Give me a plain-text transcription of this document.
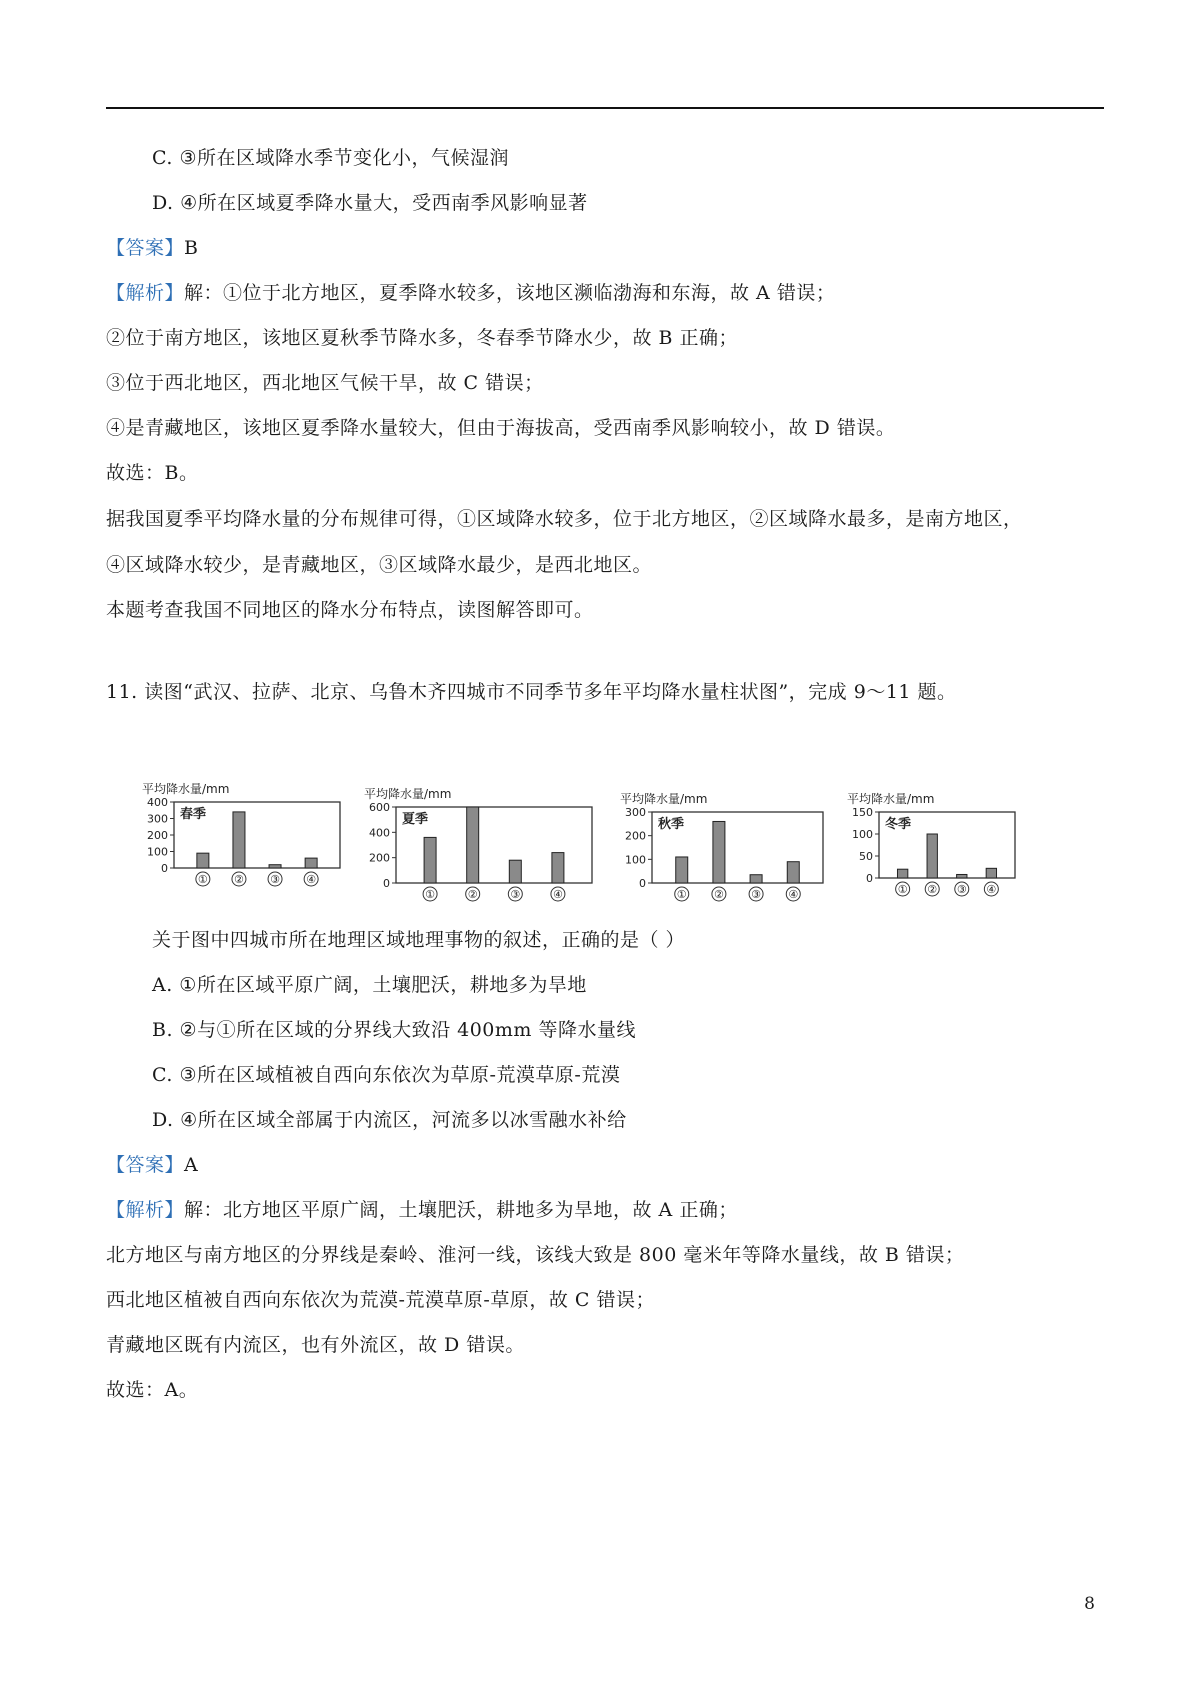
C. ③所在区域降水季节变化小，气候湿润
D. ④所在区域夏季降水量大，受西南季风影响显著
【答案】B
【解析】解：①位于北方地区，夏季降水较多，该地区濒临渤海和东海，故 A 错误；
②位于南方地区，该地区夏秋季节降水多，冬春季节降水少，故 B 正确；
③位于西北地区，西北地区气候干旱，故 C 错误；
④是青藏地区，该地区夏季降水量较大，但由于海拔高，受西南季风影响较小，故 D 错误。
故选：B。
据我国夏季平均降水量的分布规律可得，①区域降水较多，位于北方地区，②区域降水最多，是南方地区，
④区域降水较少，是青藏地区，③区域降水最少，是西北地区。
本题考查我国不同地区的降水分布特点，读图解答即可。
11. 读图“武汉、拉萨、北京、乌鲁木齐四城市不同季节多年平均降水量柱状图”，完成 9～11 题。
平均降水量/mm
春季
400
300
200
100
0
① ② ③ ④
平均降水量/mm
夏季
600
400
200
0
①	②	③	④
平均降水量/mm
秋季
300
200
100
0
① ② ③ ④
平均降水量/mm
冬季
150
100
50
0
① ② ③ ④
关于图中四城市所在地理区域地理事物的叙述，正确的是（ ）
A. ①所在区域平原广阔，土壤肥沃，耕地多为旱地
B. ②与①所在区域的分界线大致沿 400mm 等降水量线
C. ③所在区域植被自西向东依次为草原-荒漠草原-荒漠
D. ④所在区域全部属于内流区，河流多以冰雪融水补给
【答案】A
【解析】解：北方地区平原广阔，土壤肥沃，耕地多为旱地，故 A 正确；
北方地区与南方地区的分界线是秦岭、淮河一线，该线大致是 800 毫米年等降水量线，故 B 错误；
西北地区植被自西向东依次为荒漠-荒漠草原-草原，故 C 错误；
青藏地区既有内流区，也有外流区，故 D 错误。
故选：A。
8
